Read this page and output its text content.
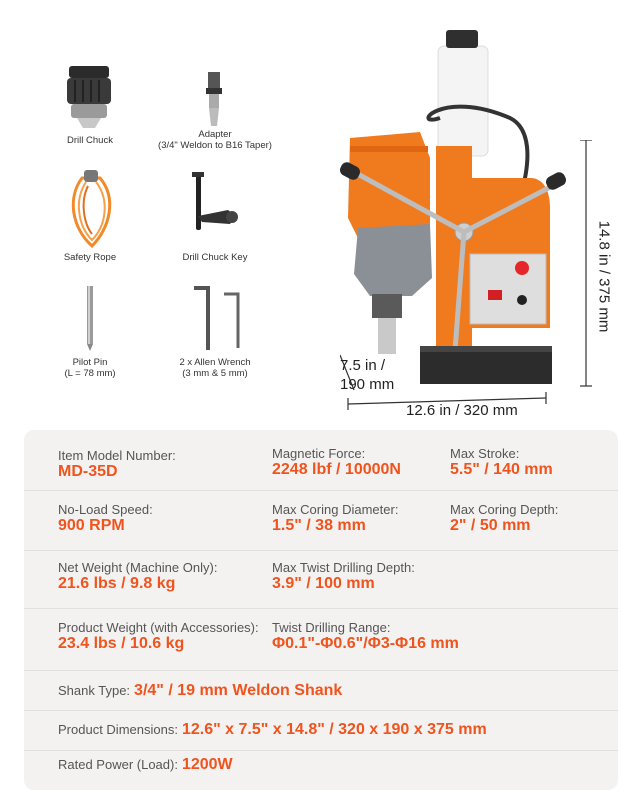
Drill Chuck
Adapter
(3/4" Weldon to B16 Taper)
Safety Rope	Drill Chuck Key
Pilot Pin
(L = 78 mm)
2 x Allen Wrench
(3 mm & 5 mm)
14.8 in / 375 mm
7.5 in /
190 mm
12.6 in / 320 mm
Item Model Number:
MD-35D
Magnetic Force:
2248 lbf / 10000N
Max Stroke:
5.5" / 140 mm
No-Load Speed:
900 RPM
Max Coring Diameter:
1.5" / 38 mm
Max Coring Depth:
2" / 50 mm
Net Weight (Machine Only):
21.6 lbs / 9.8 kg
Max Twist Drilling Depth:
3.9" / 100 mm
Product Weight (with Accessories):
23.4 lbs / 10.6 kg
Twist Drilling Range:
Φ0.1"-Φ0.6"/Φ3-Φ16 mm
Shank Type: 3/4" / 19 mm Weldon Shank
Product Dimensions: 12.6" x 7.5" x 14.8" / 320 x 190 x 375 mm
Rated Power (Load): 1200W
